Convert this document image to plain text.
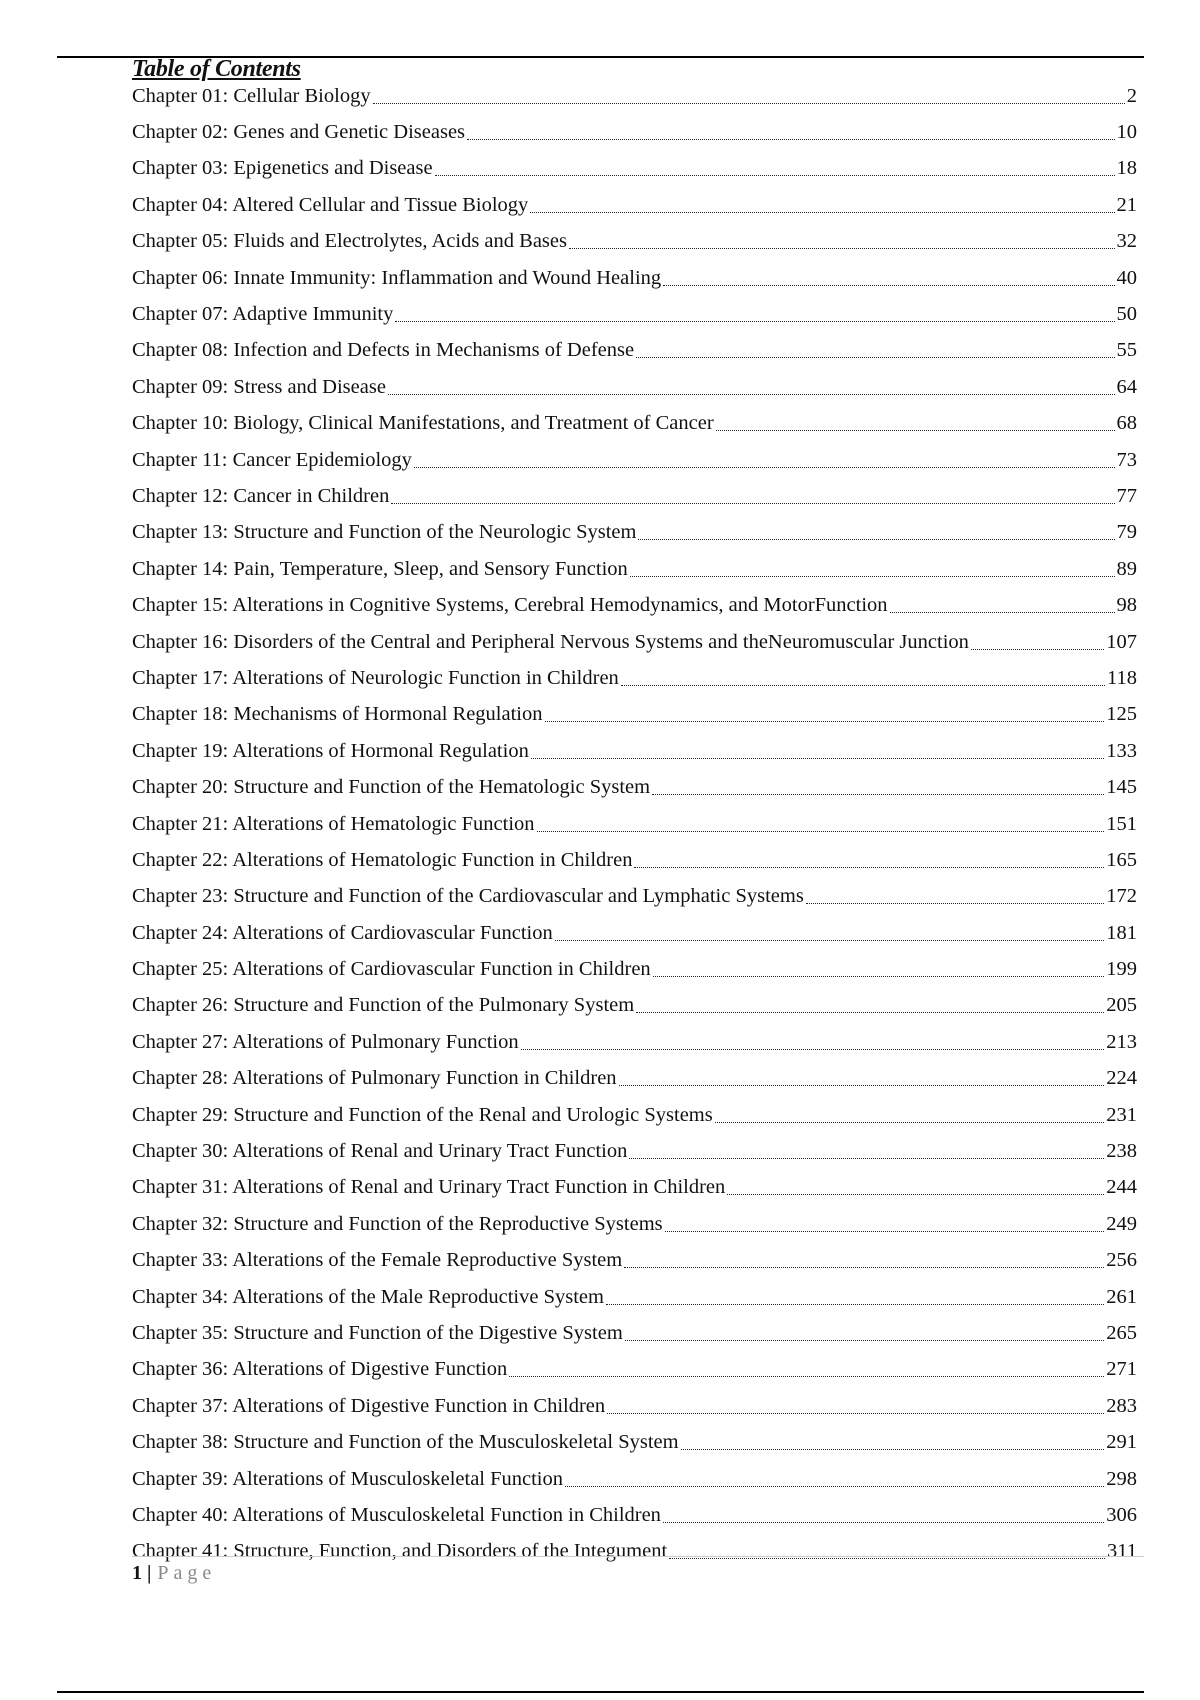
Table of Contents
Chapter 01: Cellular Biology	2
Chapter 02: Genes and Genetic Diseases	10
Chapter 03: Epigenetics and Disease	18
Chapter 04: Altered Cellular and Tissue Biology	21
Chapter 05: Fluids and Electrolytes, Acids and Bases	32
Chapter 06: Innate Immunity: Inflammation and Wound Healing	40
Chapter 07: Adaptive Immunity	50
Chapter 08: Infection and Defects in Mechanisms of Defense	55
Chapter 09: Stress and Disease	64
Chapter 10: Biology, Clinical Manifestations, and Treatment of Cancer	68
Chapter 11: Cancer Epidemiology	73
Chapter 12: Cancer in Children	77
Chapter 13: Structure and Function of the Neurologic System	79
Chapter 14: Pain, Temperature, Sleep, and Sensory Function	89
Chapter 15: Alterations in Cognitive Systems, Cerebral Hemodynamics, and MotorFunction	98
Chapter 16: Disorders of the Central and Peripheral Nervous Systems and theNeuromuscular Junction	107
Chapter 17: Alterations of Neurologic Function in Children	118
Chapter 18: Mechanisms of Hormonal Regulation	125
Chapter 19: Alterations of Hormonal Regulation	133
Chapter 20: Structure and Function of the Hematologic System	145
Chapter 21: Alterations of Hematologic Function	151
Chapter 22: Alterations of Hematologic Function in Children	165
Chapter 23: Structure and Function of the Cardiovascular and Lymphatic Systems	172
Chapter 24: Alterations of Cardiovascular Function	181
Chapter 25: Alterations of Cardiovascular Function in Children	199
Chapter 26: Structure and Function of the Pulmonary System	205
Chapter 27: Alterations of Pulmonary Function	213
Chapter 28: Alterations of Pulmonary Function in Children	224
Chapter 29: Structure and Function of the Renal and Urologic Systems	231
Chapter 30: Alterations of Renal and Urinary Tract Function	238
Chapter 31: Alterations of Renal and Urinary Tract Function in Children	244
Chapter 32: Structure and Function of the Reproductive Systems	249
Chapter 33: Alterations of the Female Reproductive System	256
Chapter 34: Alterations of the Male Reproductive System	261
Chapter 35: Structure and Function of the Digestive System	265
Chapter 36: Alterations of Digestive Function	271
Chapter 37: Alterations of Digestive Function in Children	283
Chapter 38: Structure and Function of the Musculoskeletal System	291
Chapter 39: Alterations of Musculoskeletal Function	298
Chapter 40: Alterations of Musculoskeletal Function in Children	306
Chapter 41: Structure, Function, and Disorders of the Integument	311
1 | Page
